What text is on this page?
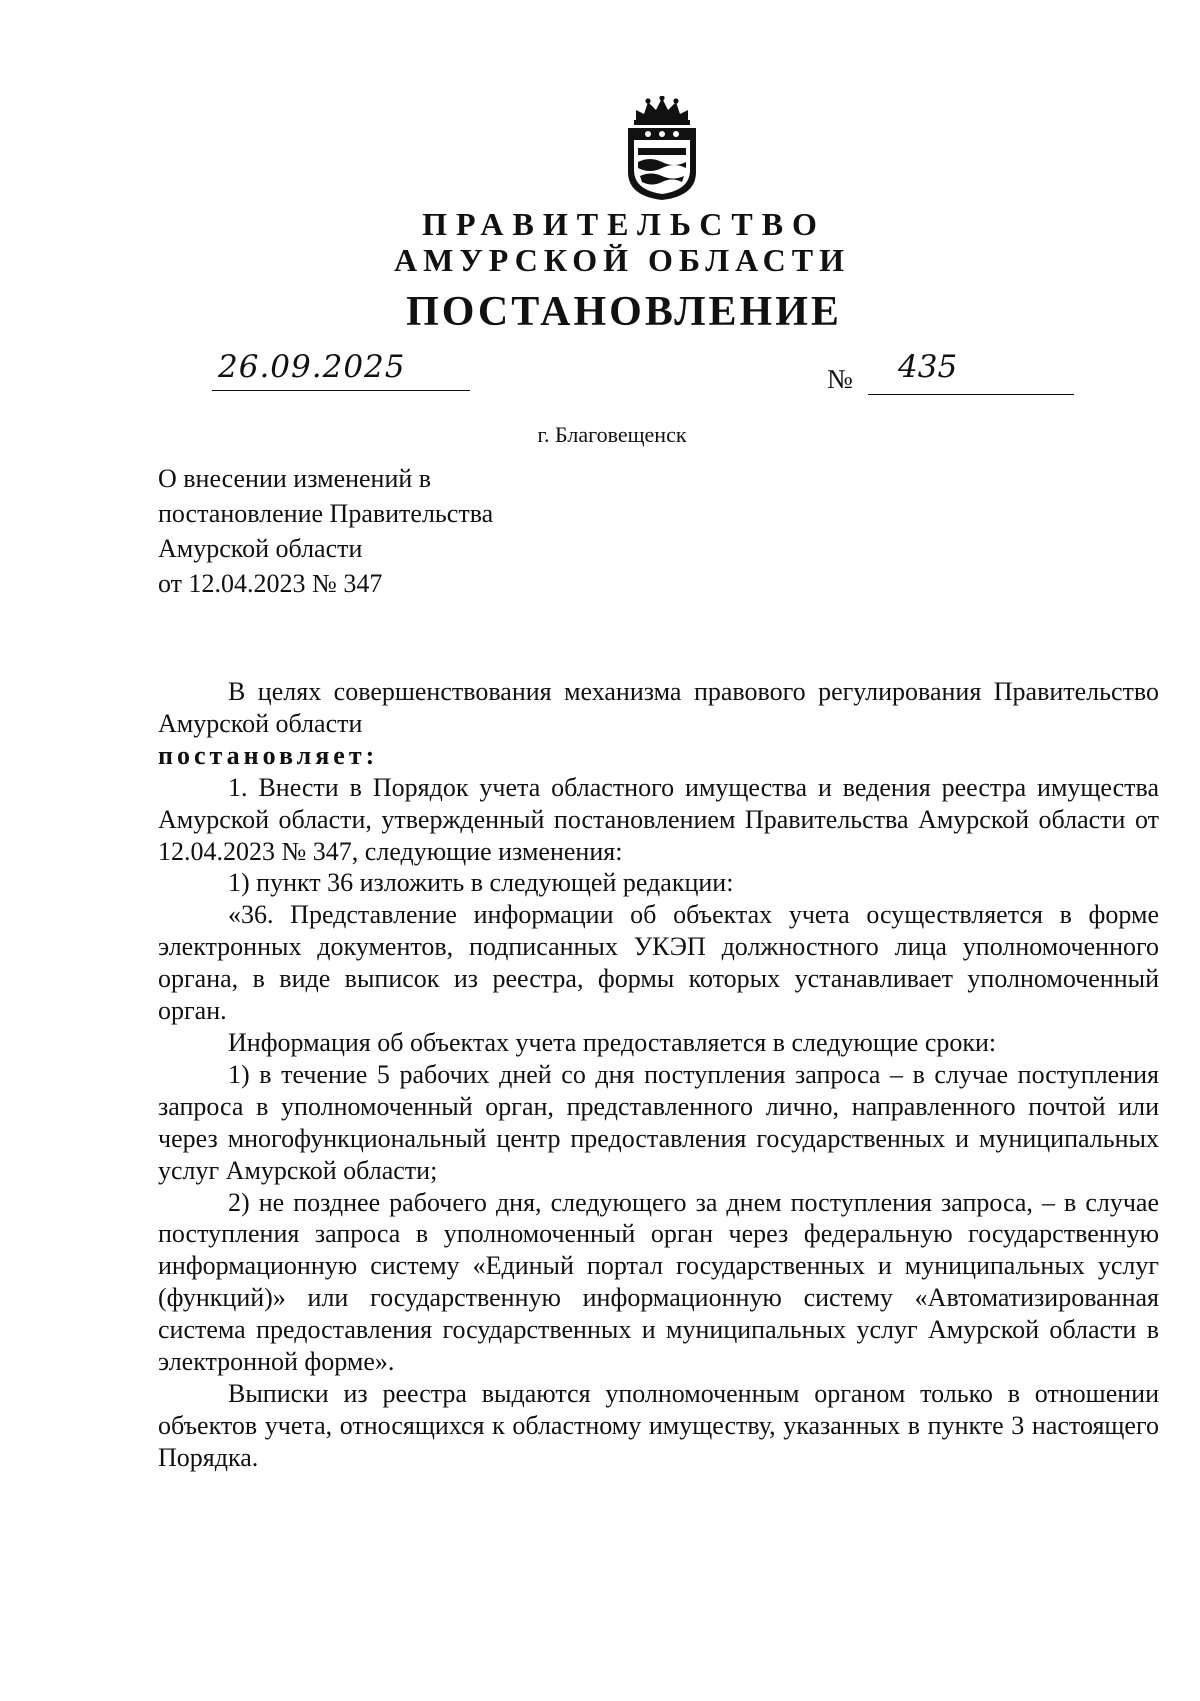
ПРАВИТЕЛЬСТВО
АМУРСКОЙ ОБЛАСТИ
ПОСТАНОВЛЕНИЕ
26.09.2025	№ 435
г. Благовещенск
О внесении изменений в
постановление Правительства
Амурской области
от 12.04.2023 № 347

В целях совершенствования механизма правового регулирования Правительство Амурской области

постановляет:

1. Внести в Порядок учета областного имущества и ведения реестра имущества Амурской области, утвержденный постановлением Правительства Амурской области от 12.04.2023 № 347, следующие изменения:

1) пункт 36 изложить в следующей редакции:

«36. Представление информации об объектах учета осуществляется в форме электронных документов, подписанных УКЭП должностного лица уполномоченного органа, в виде выписок из реестра, формы которых устанавливает уполномоченный орган.

Информация об объектах учета предоставляется в следующие сроки:

1) в течение 5 рабочих дней со дня поступления запроса – в случае поступления запроса в уполномоченный орган, представленного лично, направленного почтой или через многофункциональный центр предоставления государственных и муниципальных услуг Амурской области;

2) не позднее рабочего дня, следующего за днем поступления запроса, – в случае поступления запроса в уполномоченный орган через федеральную государственную информационную систему «Единый портал государственных и муниципальных услуг (функций)» или государственную информационную систему «Автоматизированная система предоставления государственных и муниципальных услуг Амурской области в электронной форме».

Выписки из реестра выдаются уполномоченным органом только в отношении объектов учета, относящихся к областному имуществу, указанных в пункте 3 настоящего Порядка.
